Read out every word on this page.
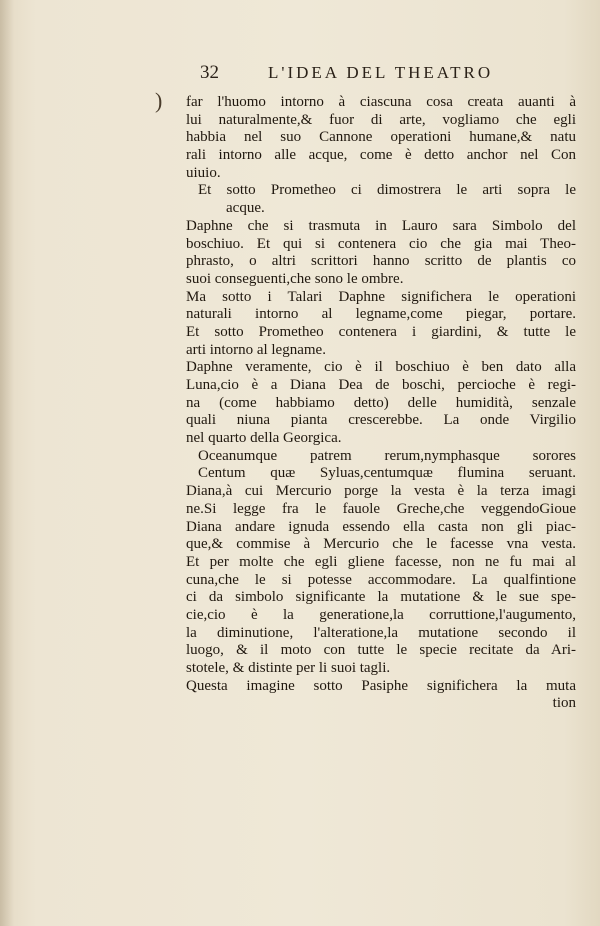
32	L'IDEA DEL THEATRO
) far l'huomo intorno à ciascuna cosa creata auanti à
lui naturalmente,& fuor di arte, vogliamo che egli
habbia nel suo Cannone operationi humane,& natu
rali intorno alle acque, come è detto anchor nel Con
uiuio.
Et sotto Prometheo ci dimostrera le arti sopra le
acque.
Daphne che si trasmuta in Lauro sara Simbolo del
boschiuo. Et qui si contenera cio che gia mai Theo-
phrasto, o altri scrittori hanno scritto de plantis co
suoi conseguenti,che sono le ombre.
Ma sotto i Talari Daphne significhera le operationi
naturali intorno al legname,come piegar, portare.
Et sotto Prometheo contenera i giardini, & tutte le
arti intorno al legname.
Daphne veramente, cio è il boschiuo è ben dato alla
Luna,cio è a Diana Dea de boschi, percioche è regi-
na (come habbiamo detto) delle humidità, senzale
quali niuna pianta crescerebbe. La onde Virgilio
nel quarto della Georgica.
Oceanumque patrem rerum,nymphasque sorores
Centum quæ Syluas,centumquæ flumina seruant.
Diana,à cui Mercurio porge la vesta è la terza imagi
ne.Si legge fra le fauole Greche,che veggendoGioue
Diana andare ignuda essendo ella casta non gli piac-
que,& commise à Mercurio che le facesse vna vesta.
Et per molte che egli gliene facesse, non ne fu mai al
cuna,che le si potesse accommodare. La qualfintione
ci da simbolo significante la mutatione & le sue spe-
cie,cio è la generatione,la corruttione,l'augumento,
la diminutione, l'alteratione,la mutatione secondo il
luogo, & il moto con tutte le specie recitate da Ari-
stotele, & distinte per li suoi tagli.
Questa imagine sotto Pasiphe significhera la muta
tion
